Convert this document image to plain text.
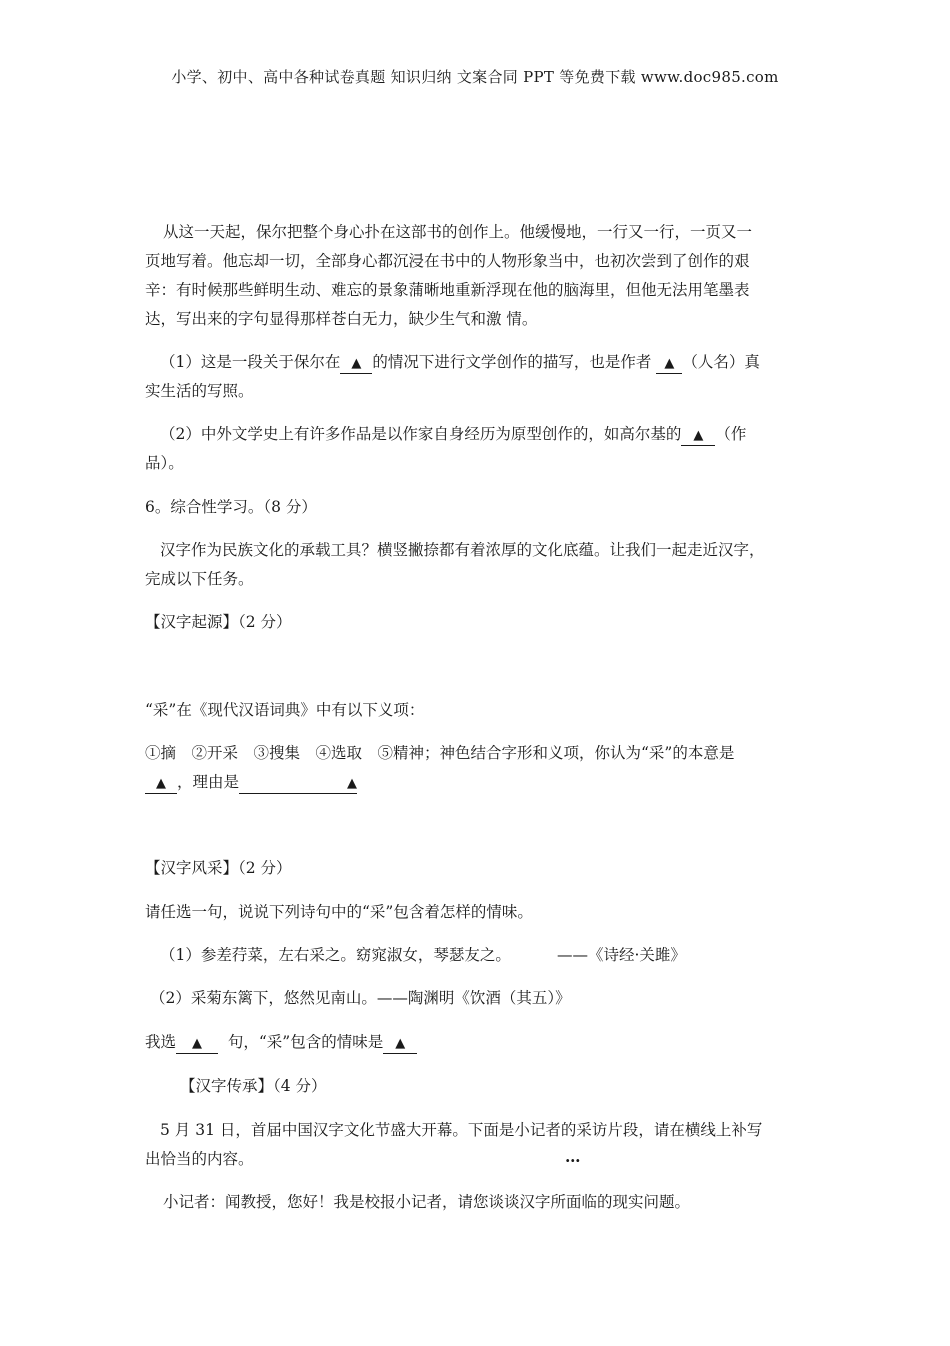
小学、初中、高中各种试卷真题 知识归纳 文案合同 PPT 等免费下载 www.doc985.com
从这一天起，保尔把整个身心扑在这部书的创作上。他缓慢地，一行又一行，一页又一
页地写着。他忘却一切，全部身心都沉浸在书中的人物形象当中，也初次尝到了创作的艰
辛：有时候那些鲜明生动、难忘的景象蒲晰地重新浮现在他的脑海里，但他无法用笔墨表
达，写出来的字句显得那样苍白无力，缺少生气和激 情。
（1）这是一段关于保尔在 ▲ 的情况下进行文学创作的描写，也是作者 ▲ （人名）真
实生活的写照。
（2）中外文学史上有许多作品是以作家自身经历为原型创作的，如高尔基的 ▲ （作
品）。
6。综合性学习。（8 分）
汉字作为民族文化的承载工具？横竖撇捺都有着浓厚的文化底蕴。让我们一起走近汉字，
完成以下任务。
【汉字起源】（2 分）
“采”在《现代汉语词典》中有以下义项：
①摘　②开采　③搜集　④选取　⑤精神；神色结合字形和义项，你认为“采”的本意是
▲ ，理由是	▲
【汉字风采】（2 分）
请任选一句，说说下列诗句中的“采”包含着怎样的情味。
（1）参差荇菜，左右采之。窈窕淑女，琴瑟友之。	——《诗经·关雎》
（2）采菊东篱下，悠然见南山。——陶渊明《饮酒（其五）》
我选 ▲ 句，“采”包含的情味是 ▲
【汉字传承】（4 分）
5 月 31 日，首届中国汉字文化节盛大开幕。下面是小记者的采访片段，请在横线上补写
出恰当的内容。	…
小记者：闻教授，您好！我是校报小记者，请您谈谈汉字所面临的现实问题。
